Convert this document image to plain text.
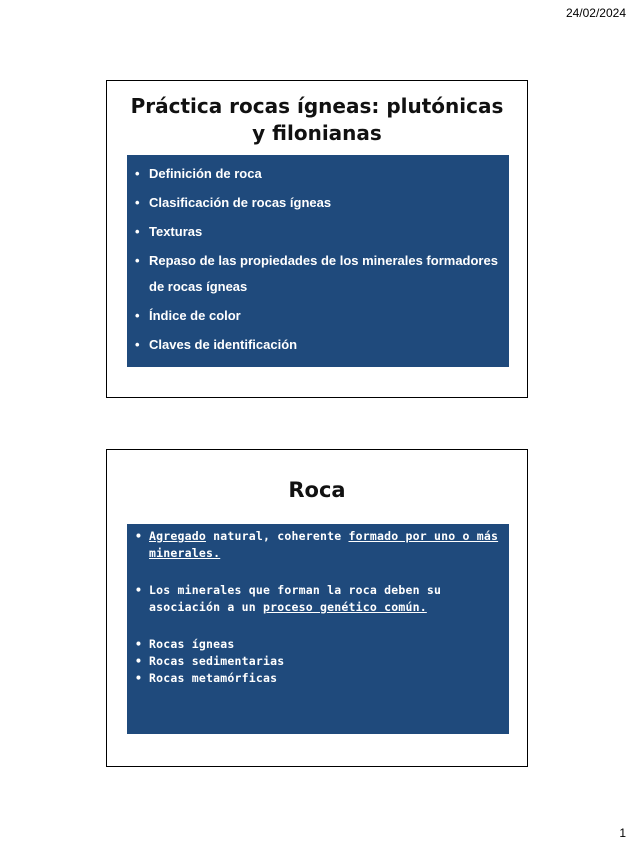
24/02/2024
Práctica rocas ígneas: plutónicas y filonianas
• Definición de roca
• Clasificación de rocas ígneas
• Texturas
• Repaso de las propiedades de los minerales formadores de rocas ígneas
• Índice de color
• Claves de identificación
Roca
• Agregado natural, coherente formado por uno o más minerales.
• Los minerales que forman la roca deben su asociación a un proceso genético común.
• Rocas ígneas
• Rocas sedimentarias
• Rocas metamórficas
1
